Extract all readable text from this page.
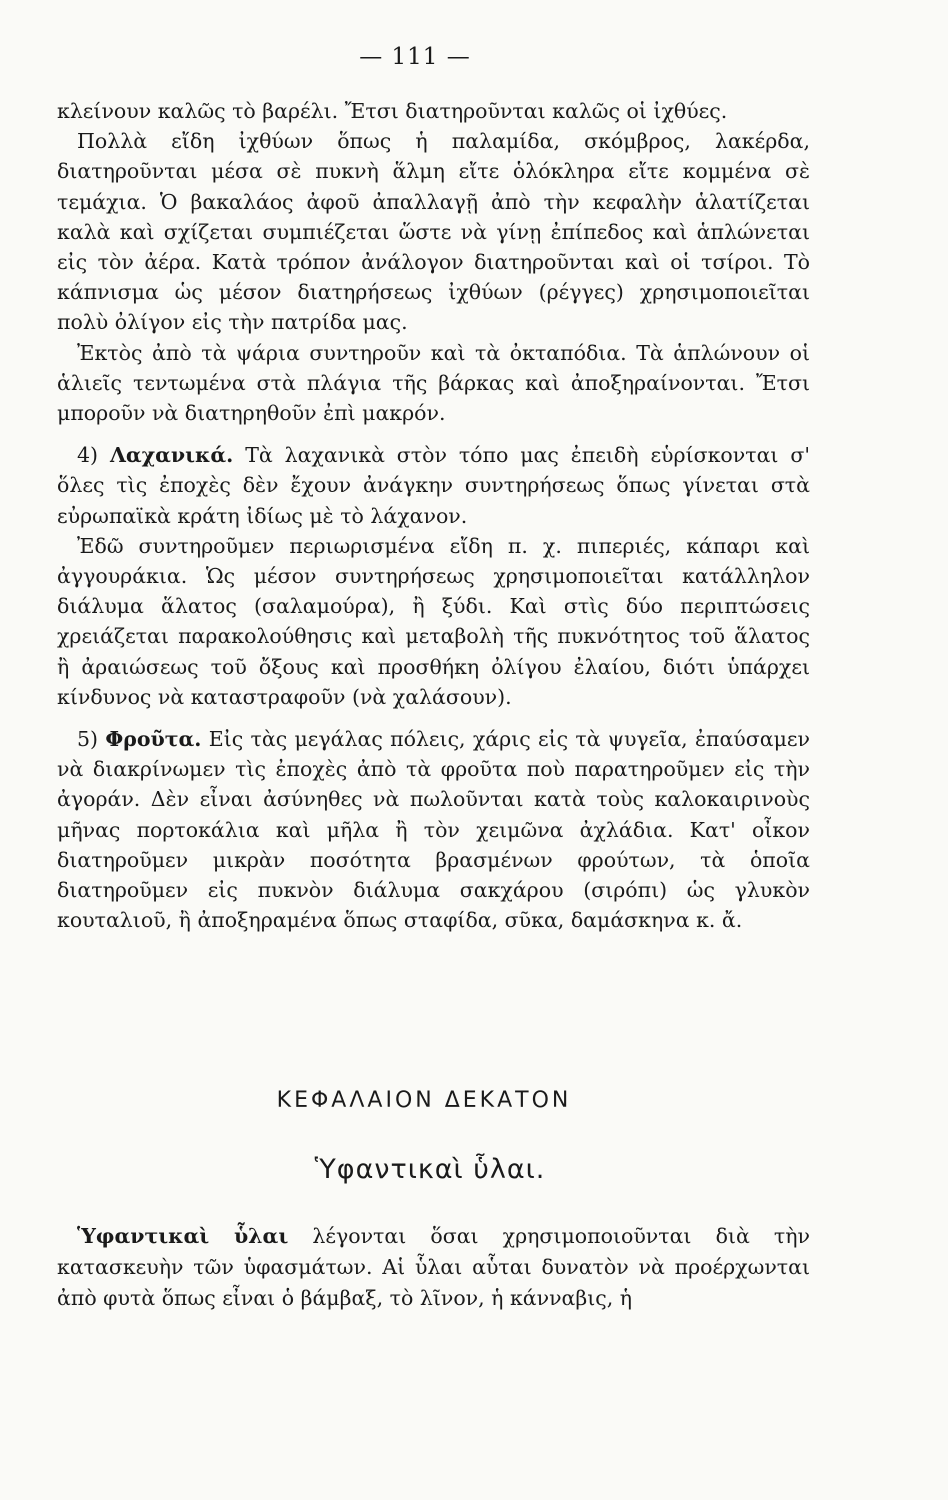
— 111 —

κλείνουν καλῶς τὸ βαρέλι. Ἔτσι διατηροῦνται καλῶς οἱ ἰχθύες.

Πολλὰ εἴδη ἰχθύων ὅπως ἡ παλαμίδα, σκόμβρος, λακέρδα, διατηροῦνται μέσα σὲ πυκνὴ ἅλμη εἴτε ὁλόκληρα εἴτε κομμένα σὲ τεμάχια. Ὁ βακαλάος ἀφοῦ ἀπαλλαγῇ ἀπὸ τὴν κεφαλὴν ἁλατίζεται καλὰ καὶ σχίζεται συμπιέζεται ὥστε νὰ γίνῃ ἐπίπεδος καὶ ἁπλώνεται εἰς τὸν ἀέρα. Κατὰ τρόπον ἀνάλογον διατηροῦνται καὶ οἱ τσίροι. Τὸ κάπνισμα ὡς μέσον διατηρήσεως ἰχθύων (ρέγγες) χρησιμοποιεῖται πολὺ ὀλίγον εἰς τὴν πατρίδα μας.

Ἐκτὸς ἀπὸ τὰ ψάρια συντηροῦν καὶ τὰ ὀκταπόδια. Τὰ ἁπλώνουν οἱ ἁλιεῖς τεντωμένα στὰ πλάγια τῆς βάρκας καὶ ἀποξηραίνονται. Ἔτσι μποροῦν νὰ διατηρηθοῦν ἐπὶ μακρόν.

4) Λαχανικά. Τὰ λαχανικὰ στὸν τόπο μας ἐπειδὴ εὑρίσκονται σ' ὅλες τὶς ἐποχὲς δὲν ἔχουν ἀνάγκην συντηρήσεως ὅπως γίνεται στὰ εὐρωπαϊκὰ κράτη ἰδίως μὲ τὸ λάχανον.

Ἐδῶ συντηροῦμεν περιωρισμένα εἴδη π. χ. πιπεριές, κάπαρι καὶ ἀγγουράκια. Ὡς μέσον συντηρήσεως χρησιμοποιεῖται κατάλληλον διάλυμα ἅλατος (σαλαμούρα), ἢ ξύδι. Καὶ στὶς δύο περιπτώσεις χρειάζεται παρακολούθησις καὶ μεταβολὴ τῆς πυκνότητος τοῦ ἅλατος ἢ ἀραιώσεως τοῦ ὄξους καὶ προσθήκη ὀλίγου ἐλαίου, διότι ὑπάρχει κίνδυνος νὰ καταστραφοῦν (νὰ χαλάσουν).

5) Φροῦτα. Εἰς τὰς μεγάλας πόλεις, χάρις εἰς τὰ ψυγεῖα, ἐπαύσαμεν νὰ διακρίνωμεν τὶς ἐποχὲς ἀπὸ τὰ φροῦτα ποὺ παρατηροῦμεν εἰς τὴν ἀγοράν. Δὲν εἶναι ἀσύνηθες νὰ πωλοῦνται κατὰ τοὺς καλοκαιρινοὺς μῆνας πορτοκάλια καὶ μῆλα ἢ τὸν χειμῶνα ἀχλάδια. Κατ' οἶκον διατηροῦμεν μικρὰν ποσότητα βρασμένων φρούτων, τὰ ὁποῖα διατηροῦμεν εἰς πυκνὸν διάλυμα σακχάρου (σιρόπι) ὡς γλυκὸν κουταλιοῦ, ἢ ἀποξηραμένα ὅπως σταφίδα, σῦκα, δαμάσκηνα κ. ἄ.

ΚΕΦΑΛΑΙΟΝ ΔΕΚΑΤΟΝ
Ὑφαντικαὶ ὗλαι.

Ὑφαντικαὶ ὗλαι λέγονται ὅσαι χρησιμοποιοῦνται διὰ τὴν κατασκευὴν τῶν ὑφασμάτων. Αἱ ὗλαι αὗται δυνατὸν νὰ προέρχωνται ἀπὸ φυτὰ ὅπως εἶναι ὁ βάμβαξ, τὸ λῖνον, ἡ κάνναβις, ἡ
